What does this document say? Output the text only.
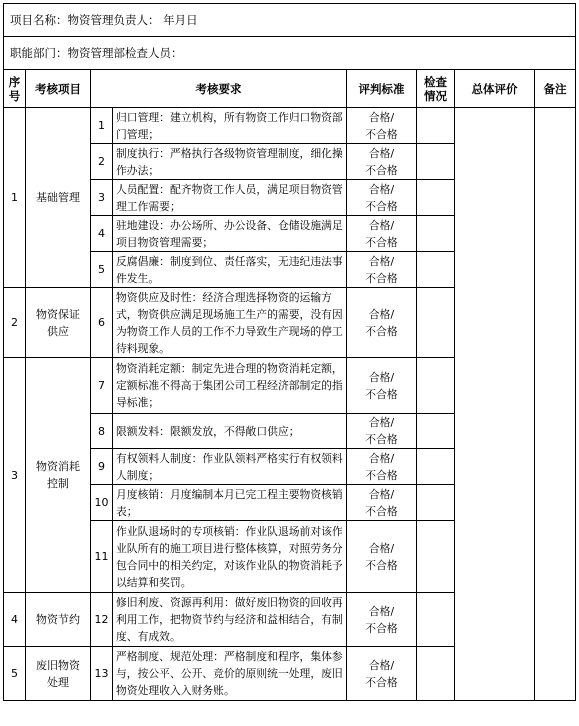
项目名称：物资管理负责人： 年月日							
职能部门：物资管理部检查人员：							
序号	考核项目	考核要求		评判标准	检查情况	总体评价	备注
1	基础管理	1	归口管理：建立机构，所有物资工作归口物资部门管理；	合格/
不合格			

		2	制度执行：严格执行各级物资管理制度，细化操作办法；	合格/
不合格			

		3	人员配置：配齐物资工作人员，满足项目物资管理工作需要；	合格/
不合格			

		4	驻地建设：办公场所、办公设备、仓储设施满足项目物资管理需要；	合格/
不合格			

		5	反腐倡廉：制度到位、责任落实，无违纪违法事件发生。	合格/
不合格			

2	物资保证供应	6	物资供应及时性：经济合理选择物资的运输方式，物资供应满足现场施工生产的需要，没有因为物资工作人员的工作不力导致生产现场的停工待料现象。	合格/
不合格			

3	物资消耗控制	7	物资消耗定额：制定先进合理的物资消耗定额，定额标准不得高于集团公司工程经济部制定的指导标准；	合格/
不合格			

		8	限额发料：限额发放，不得敞口供应；	合格/
不合格			

		9	有权领料人制度：作业队领料严格实行有权领料人制度；	合格/
不合格			

		10	月度核销：月度编制本月已完工程主要物资核销表；	合格/
不合格			

		11	作业队退场时的专项核销：作业队退场前对该作业队所有的施工项目进行整体核算，对照劳务分包合同中的相关约定，对该作业队的物资消耗予以结算和奖罚。	合格/
不合格			

4	物资节约	12	修旧利废、资源再利用：做好废旧物资的回收再利用工作，把物资节约与经济和益相结合，有制度、有成效。	合格/
不合格			

5	废旧物资处理	13	严格制度、规范处理：严格制度和程序，集体参与，按公平、公开、竞价的原则统一处理，废旧物资处理收入入财务账。	合格/
不合格			
